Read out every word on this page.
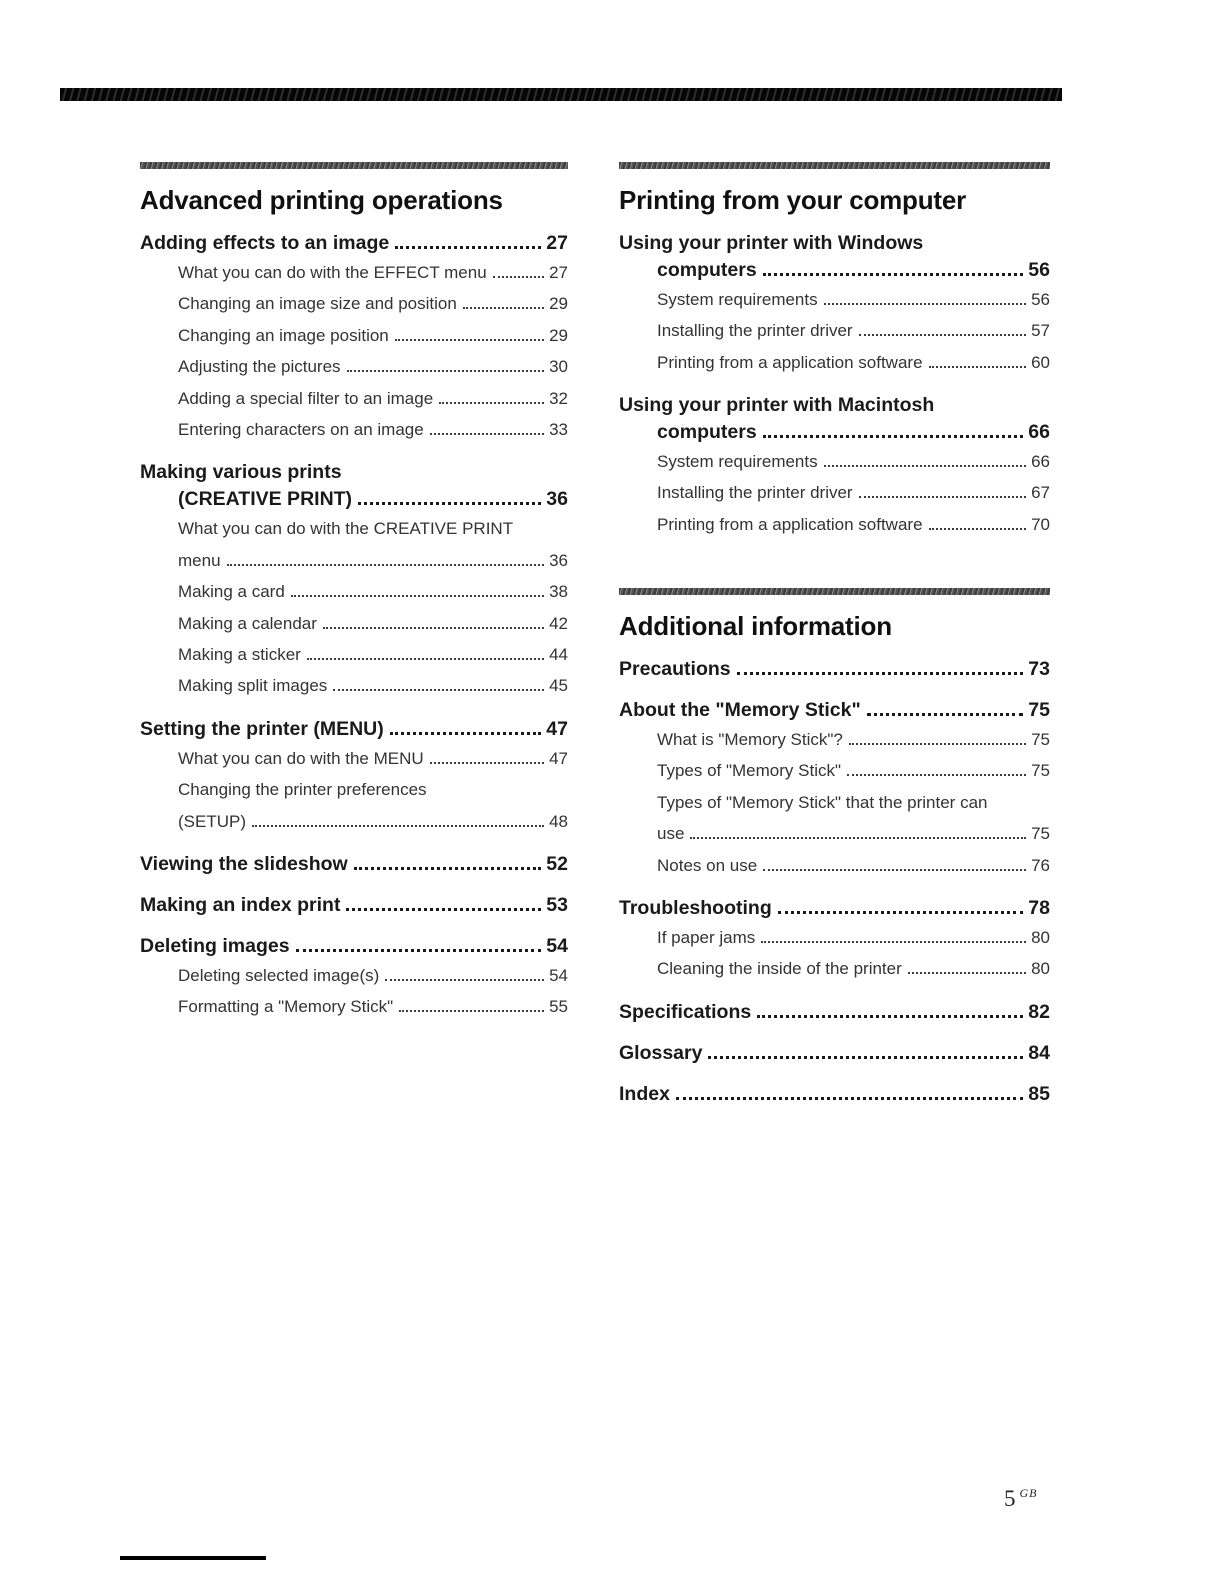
Advanced printing operations
Adding effects to an image	27
What you can do with the EFFECT menu	27
Changing an image size and position	29
Changing an image position	29
Adjusting the pictures	30
Adding a special filter to an image	32
Entering characters on an image	33
Making various prints
(CREATIVE PRINT)	36
What you can do with the CREATIVE PRINT
menu	36
Making a card	38
Making a calendar	42
Making a sticker	44
Making split images	45
Setting the printer (MENU)	47
What you can do with the MENU	47
Changing the printer preferences
(SETUP)	48
Viewing the slideshow	52
Making an index print	53
Deleting images	54
Deleting selected image(s)	54
Formatting a "Memory Stick"	55
Printing from your computer
Using your printer with Windows
computers	56
System requirements	56
Installing the printer driver	57
Printing from a application software	60
Using your printer with Macintosh
computers	66
System requirements	66
Installing the printer driver	67
Printing from a application software	70
Additional information
Precautions	73
About the "Memory Stick"	75
What is "Memory Stick"?	75
Types of "Memory Stick"	75
Types of "Memory Stick" that the printer can
use	75
Notes on use	76
Troubleshooting	78
If paper jams	80
Cleaning the inside of the printer	80
Specifications	82
Glossary	84
Index	85
5 $^{GB}$
